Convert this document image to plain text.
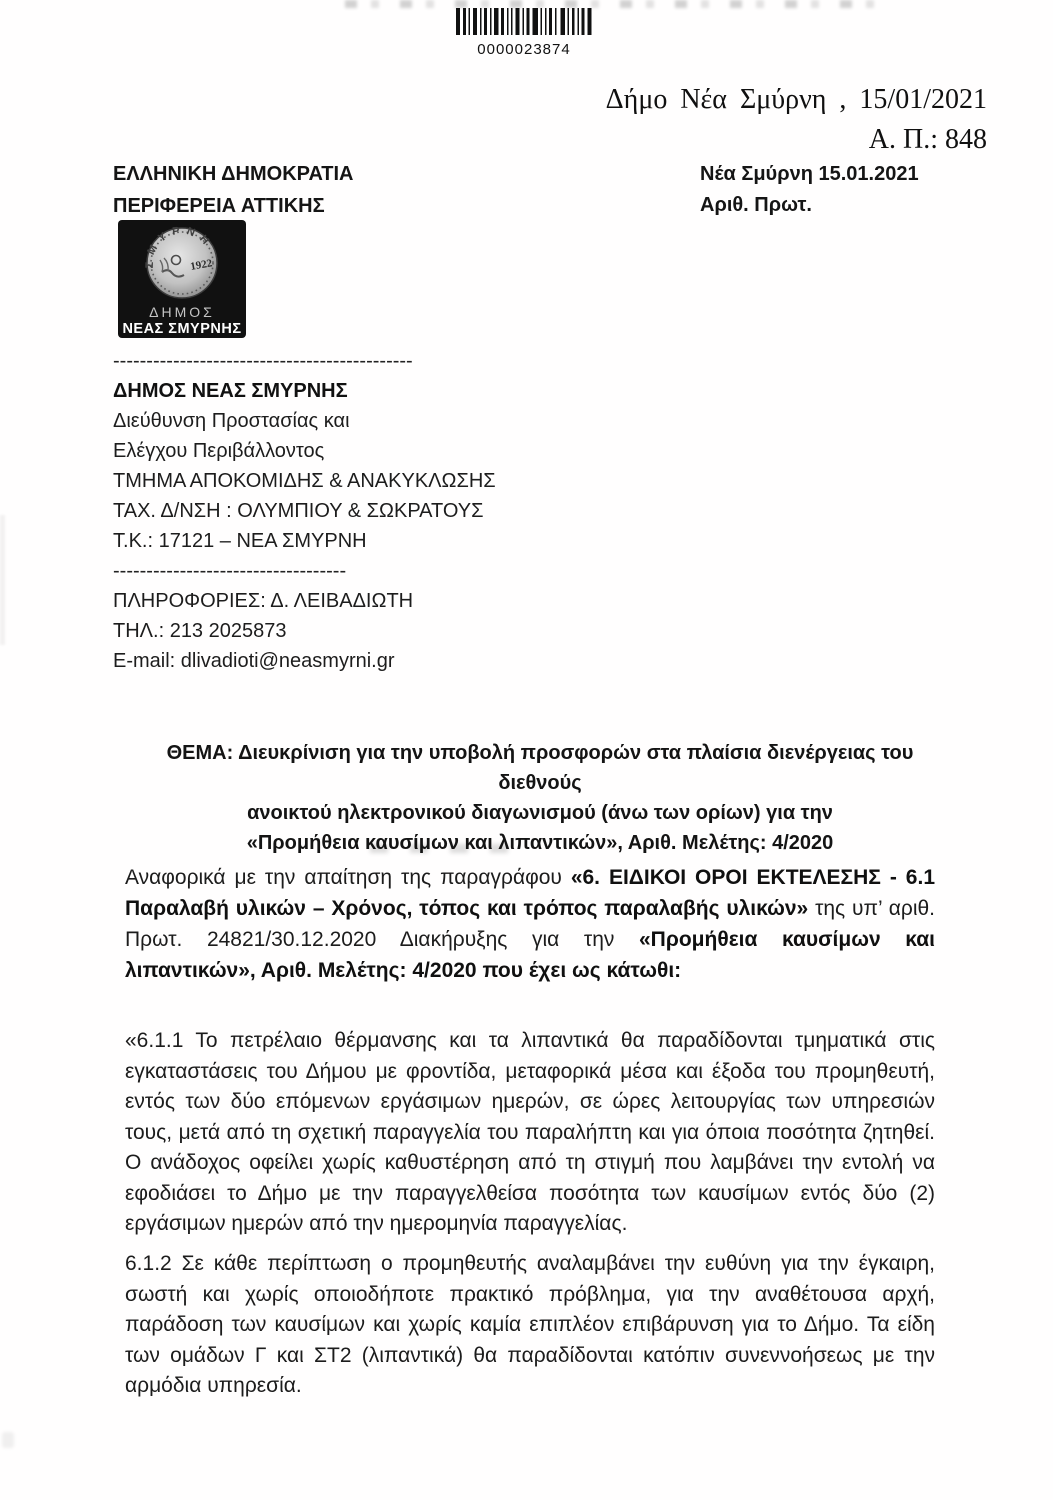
0000023874
Δήμο Νέα Σμύρνη , 15/01/2021
Α. Π.: 848
Νέα Σμύρνη 15.01.2021
Αριθ. Πρωτ.
ΕΛΛΗΝΙΚΗ ΔΗΜΟΚΡΑΤΙΑ
ΠΕΡΙΦΕΡΕΙΑ ΑΤΤΙΚΗΣ
ΣΜΥΡΝΗ
1922
ΔΗΜΟΣ
ΝΕΑΣ ΣΜΥΡΝΗΣ
---------------------------------------------
ΔΗΜΟΣ ΝΕΑΣ ΣΜΥΡΝΗΣ
Διεύθυνση Προστασίας και
Ελέγχου Περιβάλλοντος
ΤΜΗΜΑ ΑΠΟΚΟΜΙΔΗΣ & ΑΝΑΚΥΚΛΩΣΗΣ
ΤΑΧ. Δ/ΝΣΗ : ΟΛΥΜΠΙΟΥ & ΣΩΚΡΑΤΟΥΣ
Τ.Κ.: 17121 – ΝΕΑ ΣΜΥΡΝΗ
-----------------------------------
ΠΛΗΡΟΦΟΡΙΕΣ: Δ. ΛΕΙΒΑΔΙΩΤΗ
ΤΗΛ.: 213 2025873
E-mail: dlivadioti@neasmyrni.gr
ΘΕΜΑ: Διευκρίνιση για την υποβολή προσφορών στα πλαίσια διενέργειας του διεθνούς
ανοικτού ηλεκτρονικού διαγωνισμού (άνω των ορίων) για την
«Προμήθεια καυσίμων και λιπαντικών», Αριθ. Μελέτης: 4/2020
Αναφορικά με την απαίτηση της παραγράφου «6. ΕΙΔΙΚΟΙ ΟΡΟΙ ΕΚΤΕΛΕΣΗΣ - 6.1 Παραλαβή υλικών – Χρόνος, τόπος και τρόπος παραλαβής υλικών» της υπ’ αριθ. Πρωτ. 24821/30.12.2020 Διακήρυξης για την «Προμήθεια καυσίμων και λιπαντικών», Αριθ. Μελέτης: 4/2020 που έχει ως κάτωθι:
«6.1.1 Το πετρέλαιο θέρμανσης και τα λιπαντικά θα παραδίδονται τμηματικά στις εγκαταστάσεις του Δήμου με φροντίδα, μεταφορικά μέσα και έξοδα του προμηθευτή, εντός των δύο επόμενων εργάσιμων ημερών, σε ώρες λειτουργίας των υπηρεσιών τους, μετά από τη σχετική παραγγελία του παραλήπτη και για όποια ποσότητα ζητηθεί. Ο ανάδοχος οφείλει χωρίς καθυστέρηση από τη στιγμή που λαμβάνει την εντολή να εφοδιάσει το Δήμο με την παραγγελθείσα ποσότητα των καυσίμων εντός δύο (2) εργάσιμων ημερών από την ημερομηνία παραγγελίας.
6.1.2 Σε κάθε περίπτωση ο προμηθευτής αναλαμβάνει την ευθύνη για την έγκαιρη, σωστή και χωρίς οποιοδήποτε πρακτικό πρόβλημα, για την αναθέτουσα αρχή, παράδοση των καυσίμων και χωρίς καμία επιπλέον επιβάρυνση για το Δήμο. Τα είδη των ομάδων Γ και ΣΤ2 (λιπαντικά) θα παραδίδονται κατόπιν συνεννοήσεως με την αρμόδια υπηρεσία.
